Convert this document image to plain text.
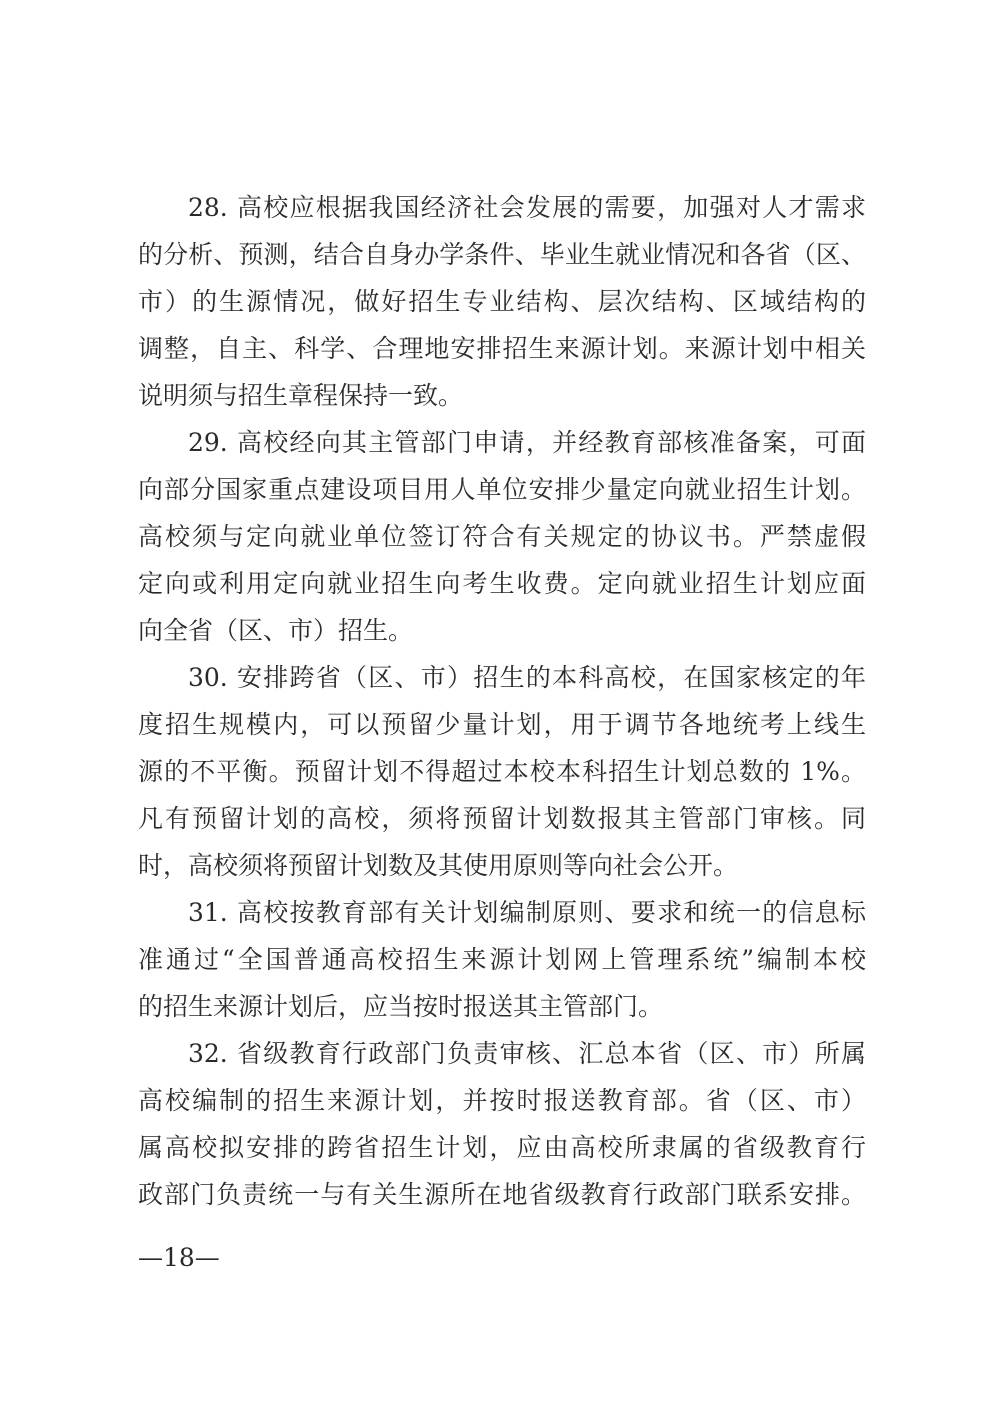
28. 高校应根据我国经济社会发展的需要，加强对人才需求
的分析、预测，结合自身办学条件、毕业生就业情况和各省（区、
市）的生源情况，做好招生专业结构、层次结构、区域结构的
调整，自主、科学、合理地安排招生来源计划。来源计划中相关
说明须与招生章程保持一致。
29. 高校经向其主管部门申请，并经教育部核准备案，可面
向部分国家重点建设项目用人单位安排少量定向就业招生计划。
高校须与定向就业单位签订符合有关规定的协议书。严禁虚假
定向或利用定向就业招生向考生收费。定向就业招生计划应面
向全省（区、市）招生。
30. 安排跨省（区、市）招生的本科高校，在国家核定的年
度招生规模内，可以预留少量计划，用于调节各地统考上线生
源的不平衡。预留计划不得超过本校本科招生计划总数的 1%。
凡有预留计划的高校，须将预留计划数报其主管部门审核。同
时，高校须将预留计划数及其使用原则等向社会公开。
31. 高校按教育部有关计划编制原则、要求和统一的信息标
准通过“全国普通高校招生来源计划网上管理系统”编制本校
的招生来源计划后，应当按时报送其主管部门。
32. 省级教育行政部门负责审核、汇总本省（区、市）所属
高校编制的招生来源计划，并按时报送教育部。省（区、市）
属高校拟安排的跨省招生计划，应由高校所隶属的省级教育行
政部门负责统一与有关生源所在地省级教育行政部门联系安排。
—18—
